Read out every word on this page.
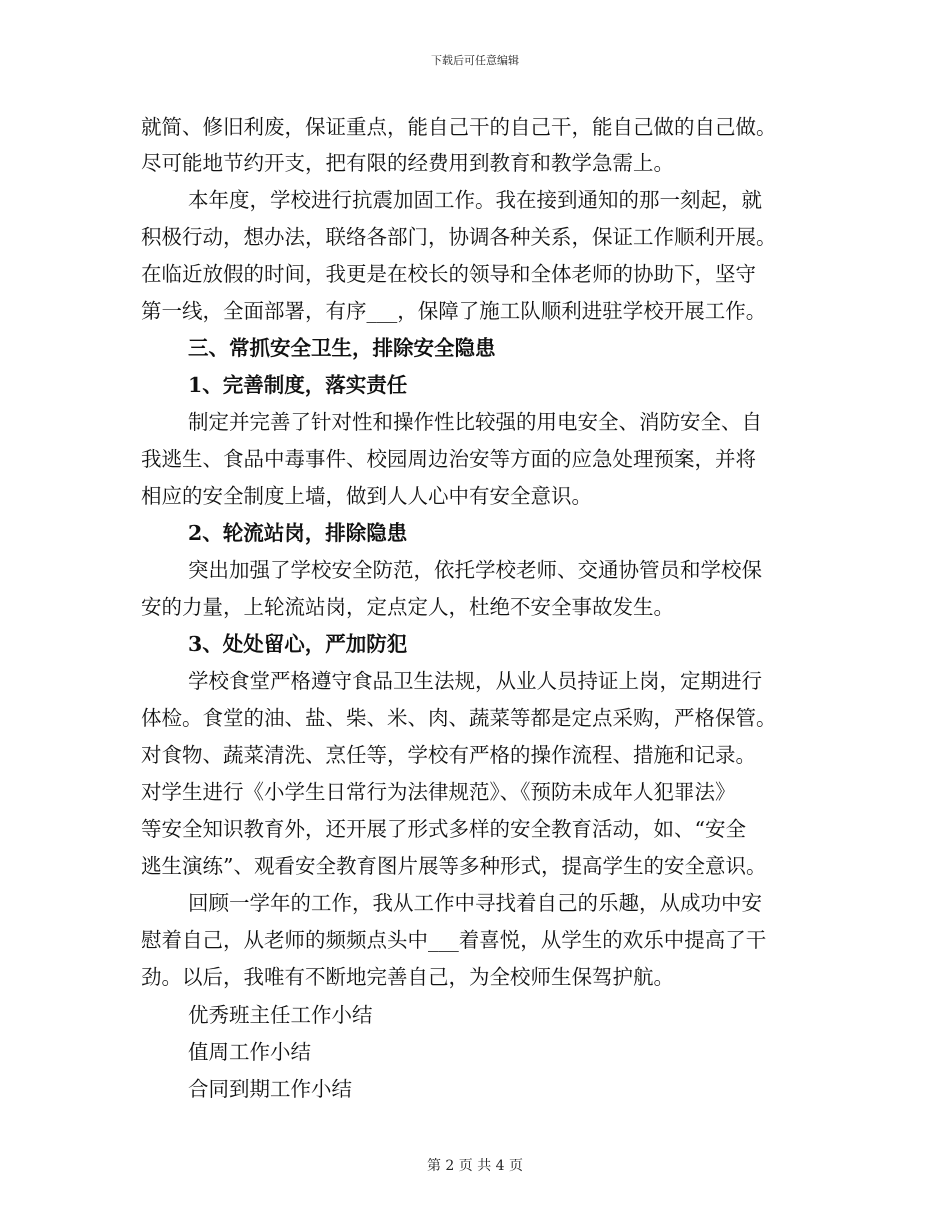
下载后可任意编辑
就简、修旧利废，保证重点，能自己干的自己干，能自己做的自己做。
尽可能地节约开支，把有限的经费用到教育和教学急需上。
本年度，学校进行抗震加固工作。我在接到通知的那一刻起，就
积极行动，想办法，联络各部门，协调各种关系，保证工作顺利开展。
在临近放假的时间，我更是在校长的领导和全体老师的协助下，坚守
第一线，全面部署，有序___，保障了施工队顺利进驻学校开展工作。
三、常抓安全卫生，排除安全隐患
1、完善制度，落实责任
制定并完善了针对性和操作性比较强的用电安全、消防安全、自
我逃生、食品中毒事件、校园周边治安等方面的应急处理预案，并将
相应的安全制度上墙，做到人人心中有安全意识。
2、轮流站岗，排除隐患
突出加强了学校安全防范，依托学校老师、交通协管员和学校保
安的力量，上轮流站岗，定点定人，杜绝不安全事故发生。
3、处处留心，严加防犯
学校食堂严格遵守食品卫生法规，从业人员持证上岗，定期进行
体检。食堂的油、盐、柴、米、肉、蔬菜等都是定点采购，严格保管。
对食物、蔬菜清洗、烹任等，学校有严格的操作流程、措施和记录。
对学生进行《小学生日常行为法律规范》、《预防未成年人犯罪法》
等安全知识教育外，还开展了形式多样的安全教育活动，如、“安全
逃生演练”、观看安全教育图片展等多种形式，提高学生的安全意识。
回顾一学年的工作，我从工作中寻找着自己的乐趣，从成功中安
慰着自己，从老师的频频点头中___着喜悦，从学生的欢乐中提高了干
劲。以后，我唯有不断地完善自己，为全校师生保驾护航。
优秀班主任工作小结
值周工作小结
合同到期工作小结
第 2 页 共 4 页
